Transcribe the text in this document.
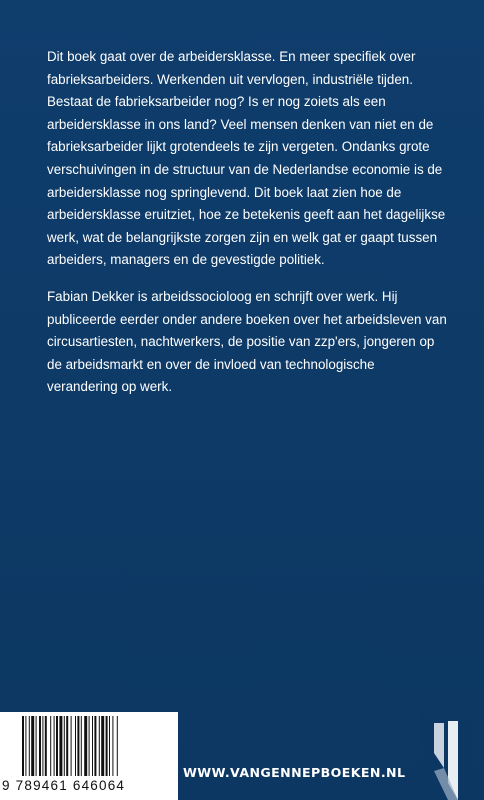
Dit boek gaat over de arbeidersklasse. En meer specifiek over fabrieksarbeiders. Werkenden uit vervlogen, industriële tijden. Bestaat de fabrieksarbeider nog? Is er nog zoiets als een arbeidersklasse in ons land? Veel mensen denken van niet en de fabrieksarbeider lijkt grotendeels te zijn vergeten. Ondanks grote verschuivingen in de structuur van de Nederlandse economie is de arbeidersklasse nog springlevend. Dit boek laat zien hoe de arbeidersklasse eruitziet, hoe ze betekenis geeft aan het dagelijkse werk, wat de belangrijkste zorgen zijn en welk gat er gaapt tussen arbeiders, managers en de gevestigde politiek.

Fabian Dekker is arbeidssocioloog en schrijft over werk. Hij publiceerde eerder onder andere boeken over het arbeidsleven van circusartiesten, nachtwerkers, de positie van zzp'ers, jongeren op de arbeidsmarkt en over de invloed van technologische verandering op werk.

9 789461 646064
WWW.VANGENNEPBOEKEN.NL
